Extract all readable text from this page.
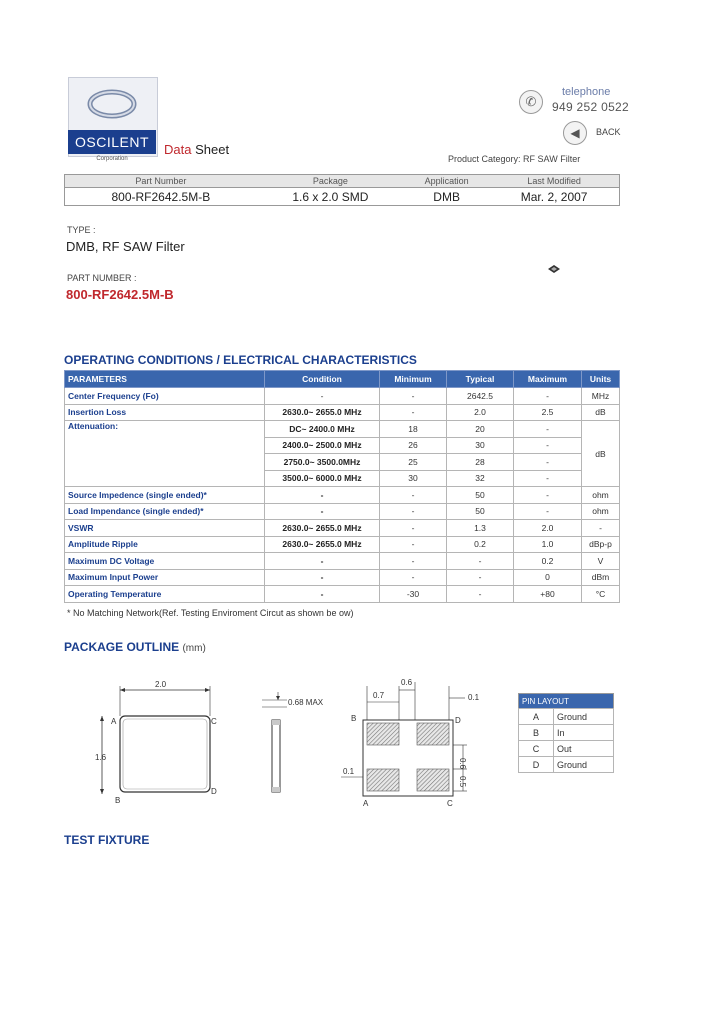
OSCILENT
Corporation
Data Sheet
✆
telephone
949 252 0522
◀	BACK
Product Category: RF SAW Filter
Part Number	Package	Application	Last Modified
800-RF2642.5M-B	1.6 x 2.0 SMD	DMB	Mar. 2, 2007
TYPE :
DMB, RF SAW Filter
PART NUMBER :
800-RF2642.5M-B
OPERATING CONDITIONS / ELECTRICAL CHARACTERISTICS
PARAMETERS	Condition	Minimum	Typical	Maximum	Units
Center Frequency (Fo)	-	-	2642.5	-	MHz
Insertion Loss	2630.0~ 2655.0 MHz	-	2.0	2.5	dB
Attenuation:	DC~ 2400.0 MHz	18	20	-	dB
	2400.0~ 2500.0 MHz	26	30	-	
	2750.0~ 3500.0MHz	25	28	-	
	3500.0~ 6000.0 MHz	30	32	-	
Source Impedence (single ended)*	-	-	50	-	ohm
Load Impendance (single ended)*	-	-	50	-	ohm
VSWR	2630.0~ 2655.0 MHz	-	1.3	2.0	-
Amplitude Ripple	2630.0~ 2655.0 MHz	-	0.2	1.0	dBp-p
Maximum DC Voltage	-	-	-	0.2	V
Maximum Input Power	-	-	-	0	dBm
Operating Temperature	-	-30	-	+80	°C
* No Matching Network(Ref. Testing Enviroment Circut as shown be ow)
PACKAGE OUTLINE (mm)
2.0
1.6
A	C
B
D
0.68 MAX
0.7
0.6
0.1
0.6
0.5
0.1
B	D
A	C
PIN LAYOUT	
A	Ground
B	In
C	Out
D	Ground
TEST FIXTURE
